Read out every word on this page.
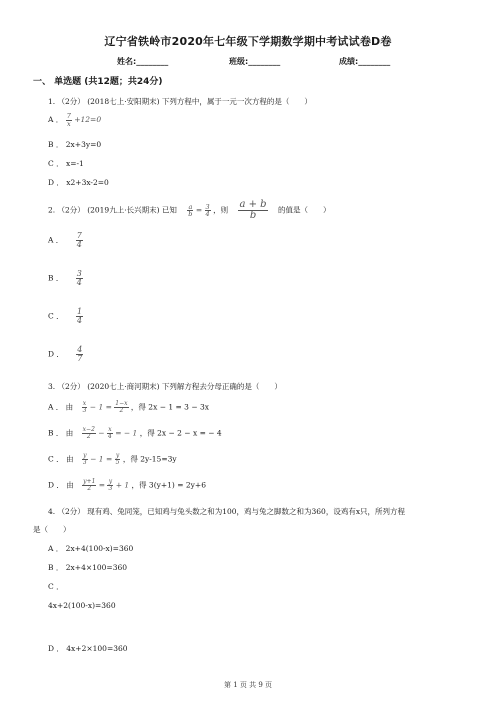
辽宁省铁岭市2020年七年级下学期数学期中考试试卷D卷
姓名:________	班级:________	成绩:________
一、 单选题 (共12题；共24分)
1. （2分） (2018七上·安阳期末) 下列方程中，属于一元一次方程的是（　　）
A ． $\frac{7}{x} +12=0$
B ． 2x+3y=0
C ． x=-1
D ． x2+3x-2=0
2. （2分） (2019九上·长兴期末) 已知 $\frac{a}{b} = \frac{3}{4}$ ，则 $\frac{a + b}{b}$ 的值是（　　）
A ． $\frac{7}{4}$
B ． $\frac{3}{4}$
C ． $\frac{1}{4}$
D ． $\frac{4}{7}$
3. （2分） (2020七上·商河期末) 下列解方程去分母正确的是（　　）
A ． 由 $\frac{x}{3} - 1 = \frac{1-x}{2}$ ，得 2x − 1 = 3 − 3x
B ． 由 $\frac{x-2}{2} - \frac{x}{4}$ = − 1 ，得 2x − 2 − x = − 4
C ． 由 $\frac{y}{3} - 1 = \frac{y}{5}$ ，得 2y-15=3y
D ． 由 $\frac{y+1}{2} = \frac{y}{3} + 1$ ，得 3(y+1) = 2y+6
4. （2分） 现有鸡、兔同笼，已知鸡与兔头数之和为100，鸡与兔之脚数之和为360，设鸡有x只，所列方程
是（　　）
A ． 2x+4(100-x)=360
B ． 2x+4×100=360
C ．
4x+2(100-x)=360
D ． 4x+2×100=360
第 1 页 共 9 页
